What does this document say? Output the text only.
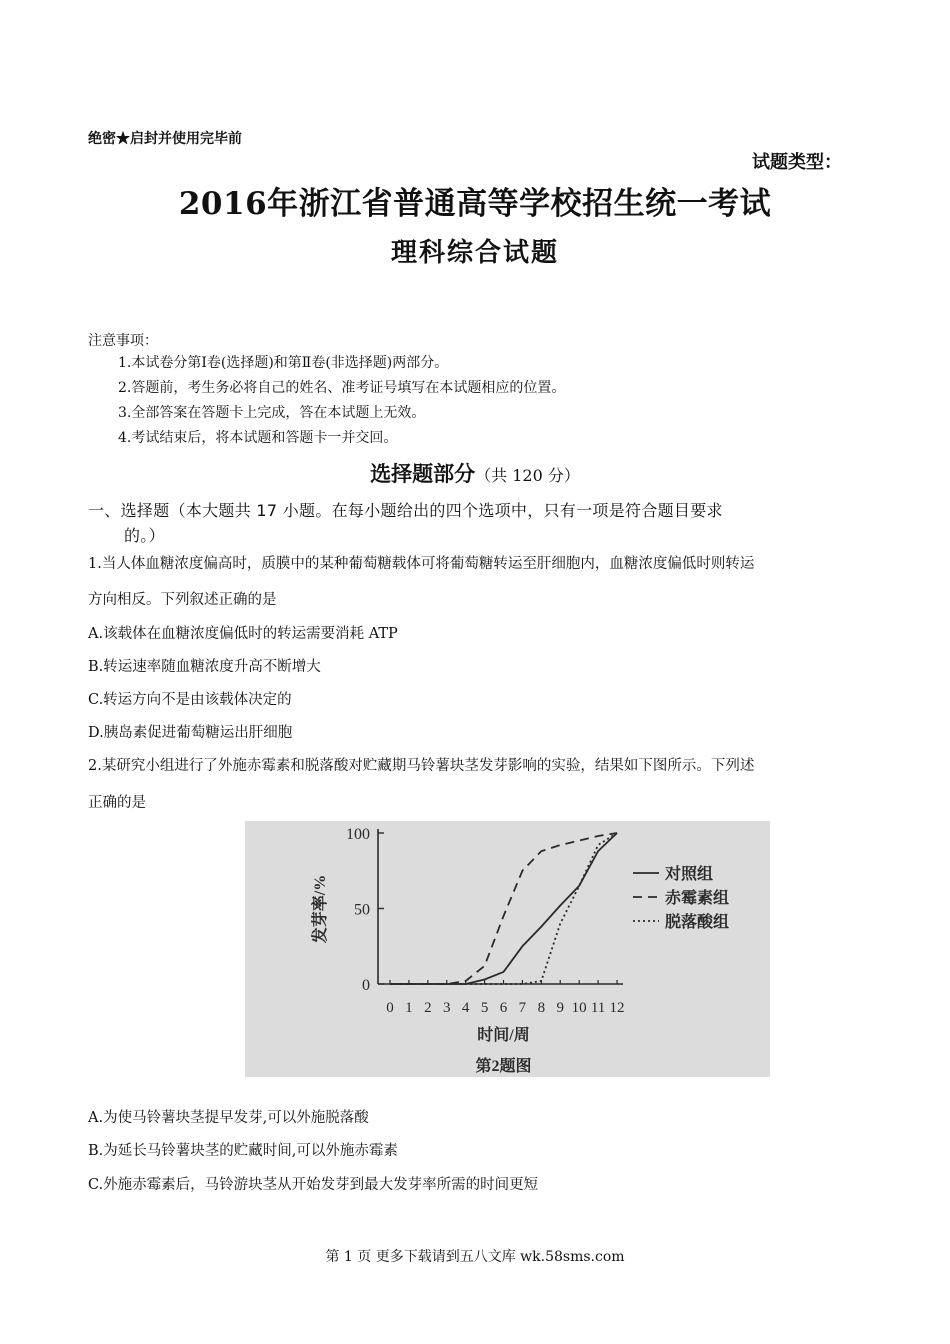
绝密★启封并使用完毕前
试题类型：
2016年浙江省普通高等学校招生统一考试
理科综合试题
注意事项：
1.本试卷分第Ⅰ卷(选择题)和第Ⅱ卷(非选择题)两部分。
2.答题前，考生务必将自己的姓名、准考证号填写在本试题相应的位置。
3.全部答案在答题卡上完成，答在本试题上无效。
4.考试结束后，将本试题和答题卡一并交回。
选择题部分（共 120 分）
一、选择题（本大题共 17 小题。在每小题给出的四个选项中，只有一项是符合题目要求
的。）
1.当人体血糖浓度偏高时，质膜中的某种葡萄糖载体可将葡萄糖转运至肝细胞内，血糖浓度偏低时则转运
方向相反。下列叙述正确的是
A.该载体在血糖浓度偏低时的转运需要消耗 ATP
B.转运速率随血糖浓度升高不断增大
C.转运方向不是由该载体决定的
D.胰岛素促进葡萄糖运出肝细胞
2.某研究小组进行了外施赤霉素和脱落酸对贮藏期马铃薯块茎发芽影响的实验，结果如下图所示。下列述
正确的是
0
50
100
0 1 2 3 4 5 6 7 8 9 10 11 12
时间/周
发芽率/%
第2题图
对照组
赤霉素组
脱落酸组
A.为使马铃薯块茎提早发芽,可以外施脱落酸
B.为延长马铃薯块茎的贮藏时间,可以外施赤霉素
C.外施赤霉素后，马铃游块茎从开始发芽到最大发芽率所需的时间更短
第 1 页 更多下载请到五八文库 wk.58sms.com
